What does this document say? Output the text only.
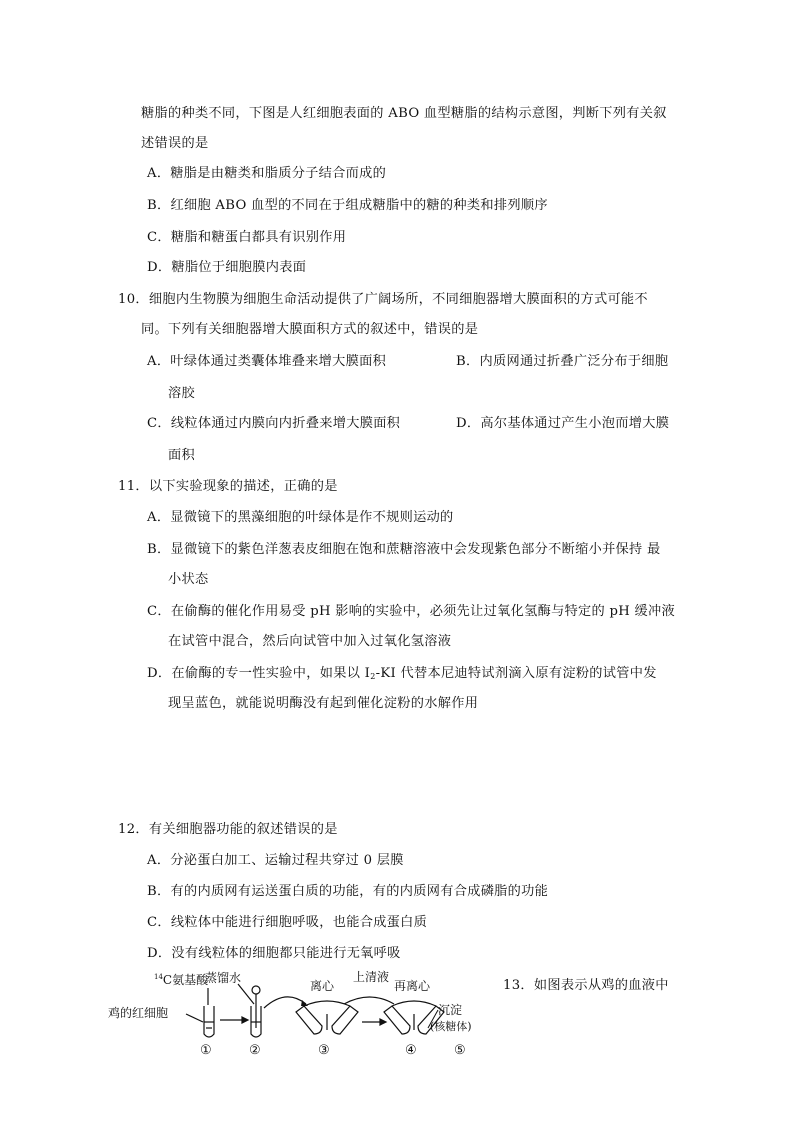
糖脂的种类不同，下图是人红细胞表面的 ABO 血型糖脂的结构示意图，判断下列有关叙
述错误的是
A．糖脂是由糖类和脂质分子结合而成的
B．红细胞 ABO 血型的不同在于组成糖脂中的糖的种类和排列顺序
C．糖脂和糖蛋白都具有识别作用
D．糖脂位于细胞膜内表面
10．细胞内生物膜为细胞生命活动提供了广阔场所，不同细胞器增大膜面积的方式可能不
同。下列有关细胞器增大膜面积方式的叙述中，错误的是
A．叶绿体通过类囊体堆叠来增大膜面积	B．内质网通过折叠广泛分布于细胞
溶胶
C．线粒体通过内膜向内折叠来增大膜面积	D．高尔基体通过产生小泡而增大膜
面积
11．以下实验现象的描述，正确的是
A．显微镜下的黑藻细胞的叶绿体是作不规则运动的
B．显微镜下的紫色洋葱表皮细胞在饱和蔗糖溶液中会发现紫色部分不断缩小并保持 最
小状态
C．在偷酶的催化作用易受 pH 影响的实验中，必须先让过氧化氢酶与特定的 pH 缓冲液
在试管中混合，然后向试管中加入过氧化氢溶液
D．在偷酶的专一性实验中，如果以 $I_2-KI$ 代替本尼迪特试剂滴入原有淀粉的试管中发
现呈蓝色，就能说明酶没有起到催化淀粉的水解作用
12．有关细胞器功能的叙述错误的是
A．分泌蛋白加工、运输过程共穿过 0 层膜
B．有的内质网有运送蛋白质的功能，有的内质网有合成磷脂的功能
C．线粒体中能进行细胞呼吸，也能合成蛋白质
D．没有线粒体的细胞都只能进行无氧呼吸
13．如图表示从鸡的血液中
$^{14}$C氨基酸
蒸馏水
鸡的红细胞
离心
上清液
再离心
沉淀
(核糖体)
①	②	③	④	⑤
